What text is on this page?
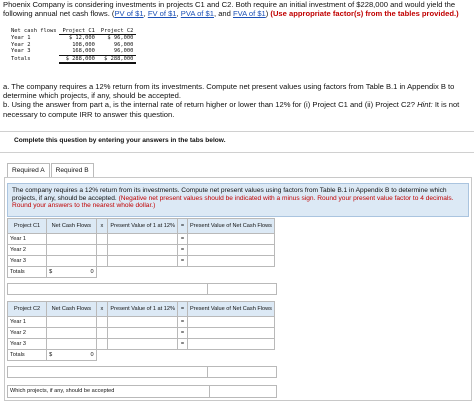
Phoenix Company is considering investments in projects C1 and C2. Both require an initial investment of $228,000 and would yield the following annual net cash flows. (PV of $1, FV of $1, PVA of $1, and FVA of $1) (Use appropriate factor(s) from the tables provided.)
Net cash flows	Project C1	Project C2
Year 1	$ 12,000	$ 96,000
Year 2	108,000	96,000
Year 3	168,000	96,000
Totals	$ 288,000	$ 288,000
a. The company requires a 12% return from its investments. Compute net present values using factors from Table B.1 in Appendix B to determine which projects, if any, should be accepted.
b. Using the answer from part a, is the internal rate of return higher or lower than 12% for (i) Project C1 and (ii) Project C2? Hint: It is not necessary to compute IRR to answer this question.
Complete this question by entering your answers in the tabs below.
Required A	Required B

The company requires a 12% return from its investments. Compute net present values using factors from Table B.1 in Appendix B to determine which projects, if any, should be accepted. (Negative net present values should be indicated with a minus sign. Round your present value factor to 4 decimals. Round your answers to the nearest whole dollar.)

Project C1	Net Cash Flows	x	Present Value of 1 at 12%	=	Present Value of Net Cash Flows
Year 1				=	
Year 2				=	
Year 3				=	
Totals	$ 0				

Project C2	Net Cash Flows	x	Present Value of 1 at 12%	=	Present Value of Net Cash Flows
Year 1				=	
Year 2				=	
Year 3				=	
Totals	$ 0				

Which projects, if any, should be accepted
